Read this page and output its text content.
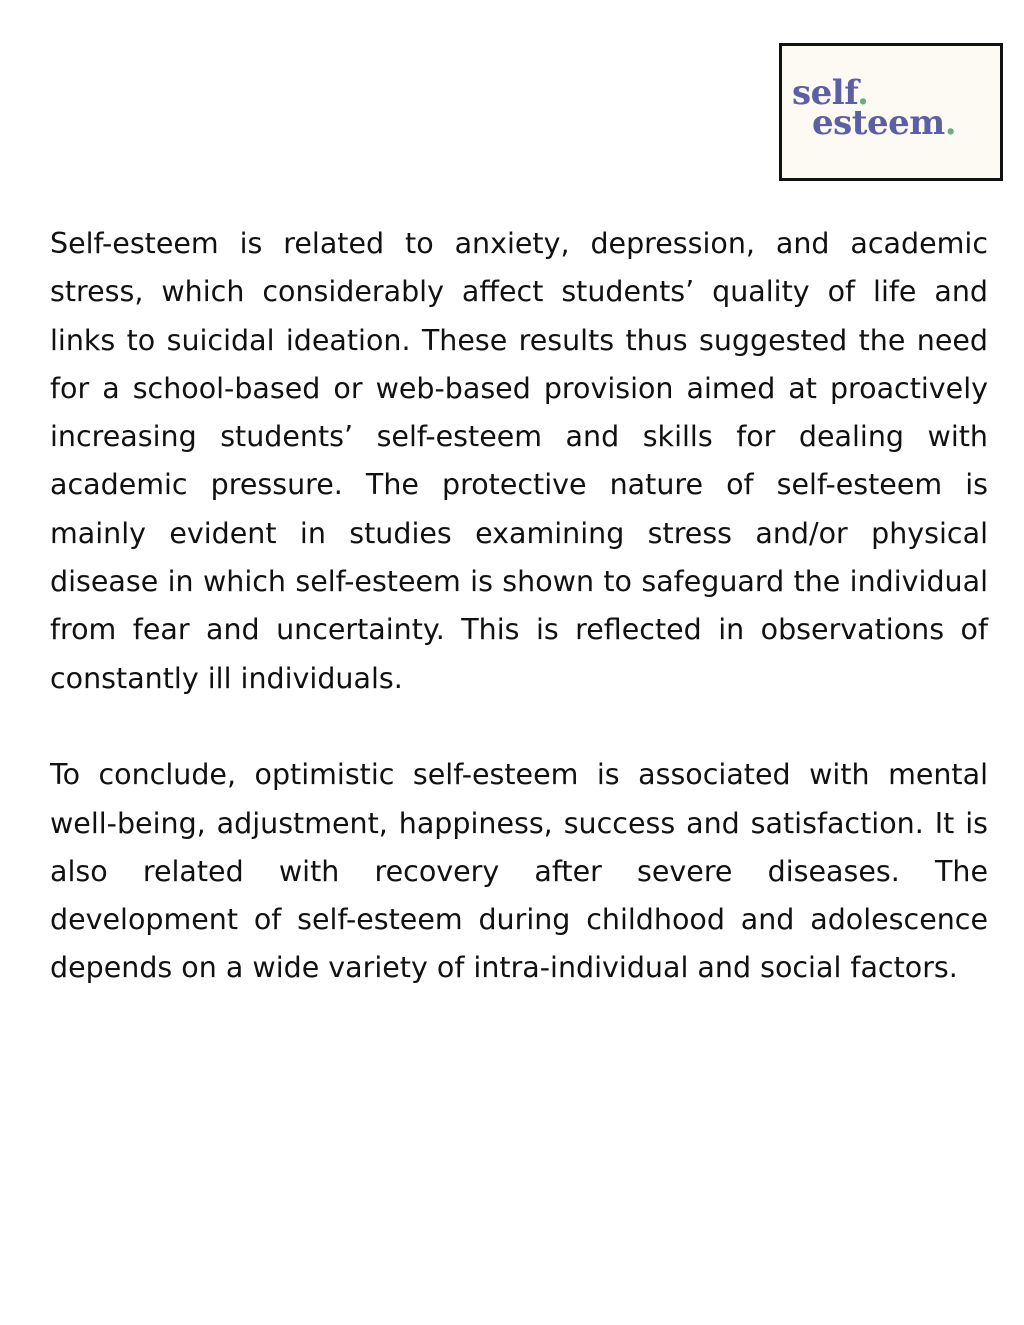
self.
esteem.

Self-esteem is related to anxiety, depression, and academic stress, which considerably affect students’ quality of life and links to suicidal ideation. These results thus suggested the need for a school-based or web-based provision aimed at proactively increasing students’ self-esteem and skills for dealing with academic pressure. The protective nature of self-esteem is mainly evident in studies examining stress and/or physical disease in which self-esteem is shown to safeguard the individual from fear and uncertainty. This is reflected in observations of constantly ill individuals.

To conclude, optimistic self-esteem is associated with mental well-being, adjustment, happiness, success and satisfaction. It is also related with recovery after severe diseases. The development of self-esteem during childhood and adolescence depends on a wide variety of intra-individual and social factors.
